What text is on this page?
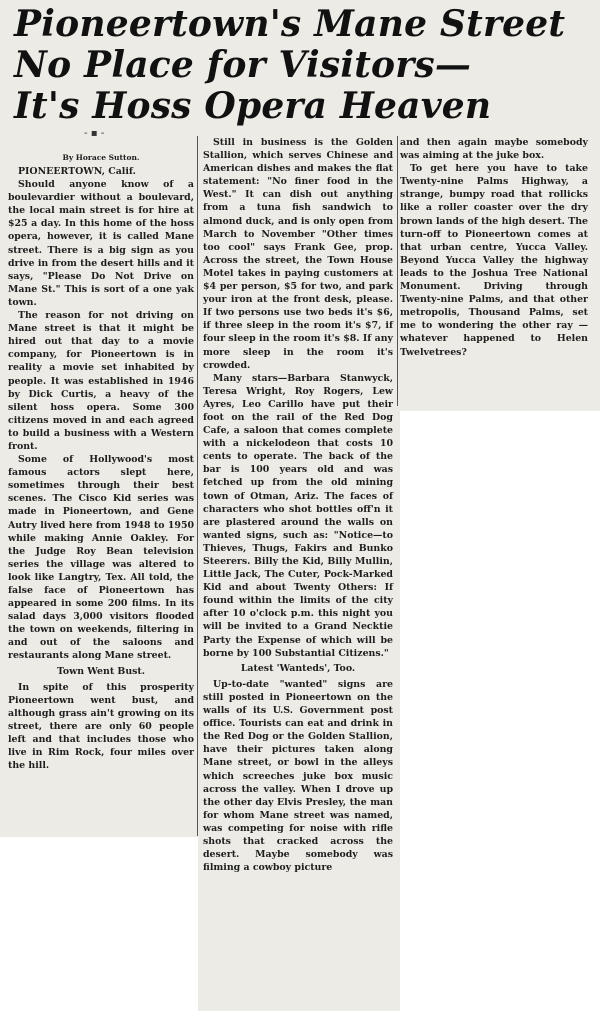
Pioneertown's Mane Street
No Place for Visitors—
It's Hoss Opera Heaven
- ▪ -
By Horace Sutton.

PIONEERTOWN, Calif.

Should anyone know of a boulevardier without a boulevard, the local main street is for hire at $25 a day. In this home of the hoss opera, however, it is called Mane street. There is a big sign as you drive in from the desert hills and it says, "Please Do Not Drive on Mane St." This is sort of a one yak town.

The reason for not driving on Mane street is that it might be hired out that day to a movie company, for Pioneertown is in reality a movie set inhabited by people. It was established in 1946 by Dick Curtis, a heavy of the silent hoss opera. Some 300 citizens moved in and each agreed to build a business with a Western front.

Some of Hollywood's most famous actors slept here, sometimes through their best scenes. The Cisco Kid series was made in Pioneertown, and Gene Autry lived here from 1948 to 1950 while making Annie Oakley. For the Judge Roy Bean television series the village was altered to look like Langtry, Tex. All told, the false face of Pioneertown has appeared in some 200 films. In its salad days 3,000 visitors flooded the town on weekends, filtering in and out of the saloons and restaurants along Mane street.

Town Went Bust.

In spite of this prosperity Pioneertown went bust, and although grass ain't growing on its street, there are only 60 people left and that includes those who live in Rim Rock, four miles over the hill.

Still in business is the Golden Stallion, which serves Chinese and American dishes and makes the flat statement: "No finer food in the West." It can dish out anything from a tuna fish sandwich to almond duck, and is only open from March to November "Other times too cool" says Frank Gee, prop. Across the street, the Town House Motel takes in paying customers at $4 per person, $5 for two, and park your iron at the front desk, please. If two persons use two beds it's $6, if three sleep in the room it's $7, if four sleep in the room it's $8. If any more sleep in the room it's crowded.

Many stars—Barbara Stanwyck, Teresa Wright, Roy Rogers, Lew Ayres, Leo Carillo have put their foot on the rail of the Red Dog Cafe, a saloon that comes complete with a nickelodeon that costs 10 cents to operate. The back of the bar is 100 years old and was fetched up from the old mining town of Otman, Ariz. The faces of characters who shot bottles off'n it are plastered around the walls on wanted signs, such as: "Notice—to Thieves, Thugs, Fakirs and Bunko Steerers. Billy the Kid, Billy Mullin, Little Jack, The Cuter, Pock-Marked Kid and about Twenty Others: If found within the limits of the city after 10 o'clock p.m. this night you will be invited to a Grand Necktie Party the Expense of which will be borne by 100 Substantial Citizens."

Latest 'Wanteds', Too.

Up-to-date "wanted" signs are still posted in Pioneertown on the walls of its U.S. Government post office. Tourists can eat and drink in the Red Dog or the Golden Stallion, have their pictures taken along Mane street, or bowl in the alleys which screeches juke box music across the valley. When I drove up the other day Elvis Presley, the man for whom Mane street was named, was competing for noise with rifle shots that cracked across the desert. Maybe somebody was filming a cowboy picture

and then again maybe somebody was aiming at the juke box.

To get here you have to take Twenty-nine Palms Highway, a strange, bumpy road that rollicks like a roller coaster over the dry brown lands of the high desert. The turn-off to Pioneertown comes at that urban centre, Yucca Valley. Beyond Yucca Valley the highway leads to the Joshua Tree National Monument. Driving through Twenty-nine Palms, and that other metropolis, Thousand Palms, set me to wondering the other ray — whatever happened to Helen Twelvetrees?
